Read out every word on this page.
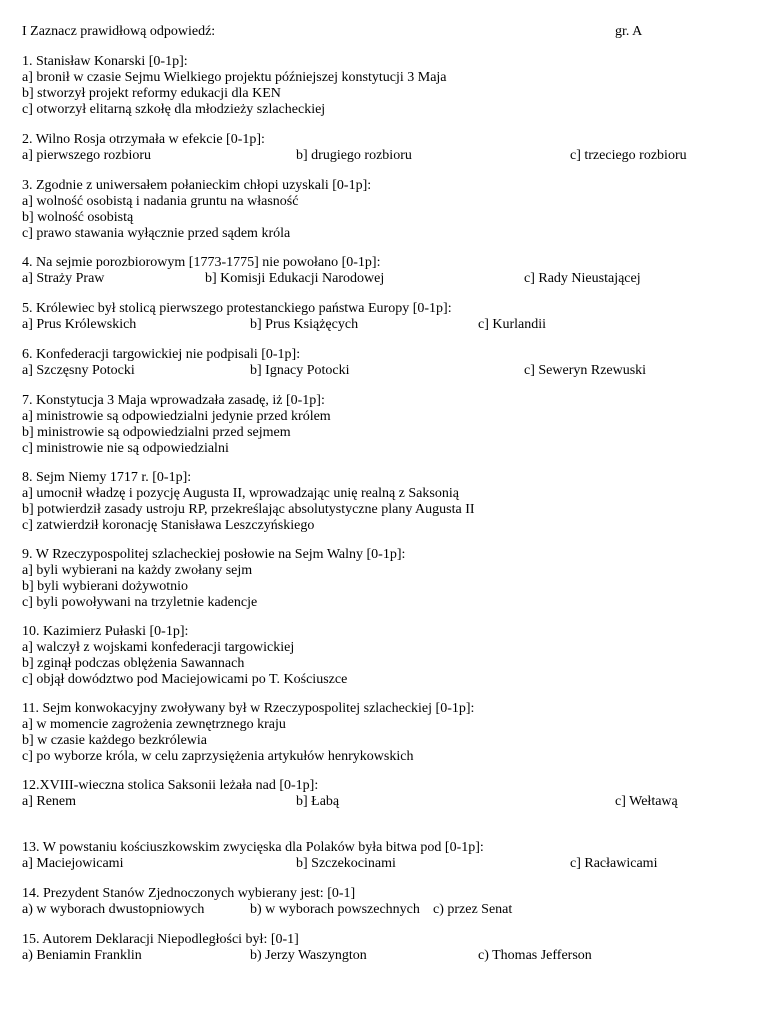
I Zaznacz prawidłową odpowiedź:	gr. A
1. Stanisław Konarski [0-1p]:
a] bronił w czasie Sejmu Wielkiego projektu późniejszej konstytucji 3 Maja
b] stworzył projekt reformy edukacji dla KEN
c] otworzył elitarną szkołę dla młodzieży szlacheckiej
2. Wilno Rosja otrzymała w efekcie [0-1p]:
a] pierwszego rozbioru	b] drugiego rozbioru	c] trzeciego rozbioru
3. Zgodnie z uniwersałem połanieckim chłopi uzyskali [0-1p]:
a] wolność osobistą i nadania gruntu na własność
b] wolność osobistą
c] prawo stawania wyłącznie przed sądem króla
4. Na sejmie porozbiorowym [1773-1775] nie powołano [0-1p]:
a] Straży Praw	b] Komisji Edukacji Narodowej	c] Rady Nieustającej
5. Królewiec był stolicą pierwszego protestanckiego państwa Europy [0-1p]:
a] Prus Królewskich	b] Prus Książęcych	c] Kurlandii
6. Konfederacji targowickiej nie podpisali [0-1p]:
a] Szczęsny Potocki	b] Ignacy Potocki	c] Seweryn Rzewuski
7. Konstytucja 3 Maja wprowadzała zasadę, iż [0-1p]:
a] ministrowie są odpowiedzialni jedynie przed królem
b] ministrowie są odpowiedzialni przed sejmem
c] ministrowie nie są odpowiedzialni
8. Sejm Niemy 1717 r. [0-1p]:
a] umocnił władzę i pozycję Augusta II, wprowadzając unię realną z Saksonią
b] potwierdził zasady ustroju RP, przekreślając absolutystyczne plany Augusta II
c] zatwierdził koronację Stanisława Leszczyńskiego
9. W Rzeczypospolitej szlacheckiej posłowie na Sejm Walny [0-1p]:
a] byli wybierani na każdy zwołany sejm
b] byli wybierani dożywotnio
c] byli powoływani na trzyletnie kadencje
10. Kazimierz Pułaski [0-1p]:
a] walczył z wojskami konfederacji targowickiej
b] zginął podczas oblężenia Sawannach
c] objął dowództwo pod Maciejowicami po T. Kościuszce
11. Sejm konwokacyjny zwoływany był w Rzeczypospolitej szlacheckiej [0-1p]:
a] w momencie zagrożenia zewnętrznego kraju
b] w czasie każdego bezkrólewia
c] po wyborze króla, w celu zaprzysiężenia artykułów henrykowskich
12.XVIII-wieczna stolica Saksonii leżała nad [0-1p]:
a] Renem	b] Łabą	c] Wełtawą
13. W powstaniu kościuszkowskim zwycięska dla Polaków była bitwa pod [0-1p]:
a] Maciejowicami	b] Szczekocinami	c] Racławicami
14. Prezydent Stanów Zjednoczonych wybierany jest: [0-1]
a) w wyborach dwustopniowych	b) w wyborach powszechnych c) przez Senat
15. Autorem Deklaracji Niepodległości był: [0-1]
a) Beniamin Franklin	b) Jerzy Waszyngton	c) Thomas Jefferson
